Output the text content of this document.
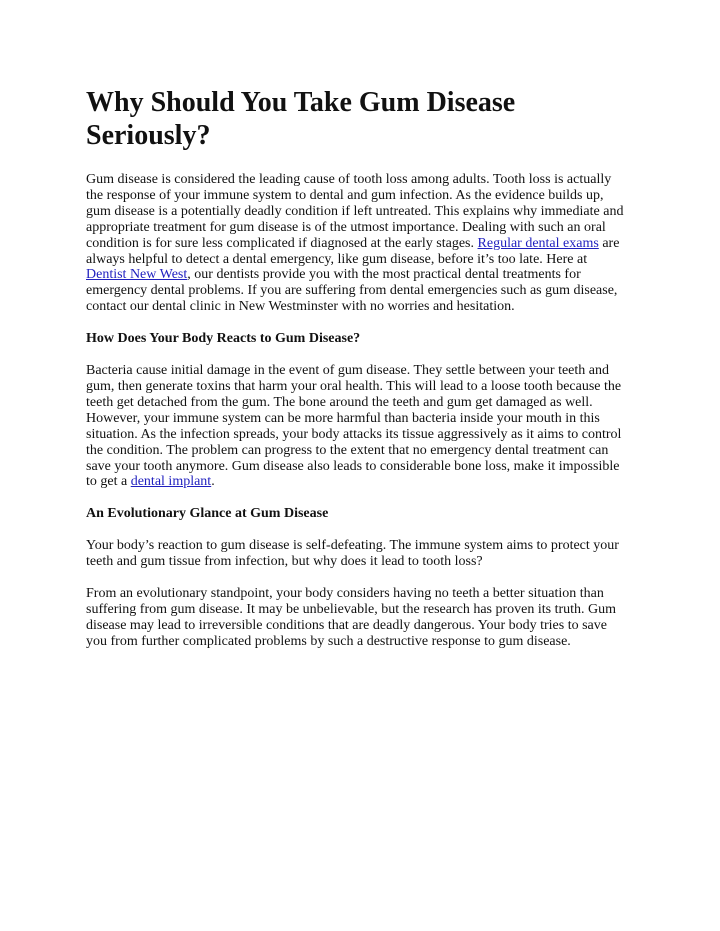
Why Should You Take Gum Disease Seriously?

Gum disease is considered the leading cause of tooth loss among adults. Tooth loss is actually the response of your immune system to dental and gum infection. As the evidence builds up, gum disease is a potentially deadly condition if left untreated. This explains why immediate and appropriate treatment for gum disease is of the utmost importance. Dealing with such an oral condition is for sure less complicated if diagnosed at the early stages. Regular dental exams are always helpful to detect a dental emergency, like gum disease, before it’s too late. Here at Dentist New West, our dentists provide you with the most practical dental treatments for emergency dental problems. If you are suffering from dental emergencies such as gum disease, contact our dental clinic in New Westminster with no worries and hesitation.

How Does Your Body Reacts to Gum Disease?

Bacteria cause initial damage in the event of gum disease. They settle between your teeth and gum, then generate toxins that harm your oral health. This will lead to a loose tooth because the teeth get detached from the gum. The bone around the teeth and gum get damaged as well. However, your immune system can be more harmful than bacteria inside your mouth in this situation. As the infection spreads, your body attacks its tissue aggressively as it aims to control the condition. The problem can progress to the extent that no emergency dental treatment can save your tooth anymore. Gum disease also leads to considerable bone loss, make it impossible to get a dental implant.

An Evolutionary Glance at Gum Disease

Your body’s reaction to gum disease is self-defeating. The immune system aims to protect your teeth and gum tissue from infection, but why does it lead to tooth loss?

From an evolutionary standpoint, your body considers having no teeth a better situation than suffering from gum disease. It may be unbelievable, but the research has proven its truth. Gum disease may lead to irreversible conditions that are deadly dangerous. Your body tries to save you from further complicated problems by such a destructive response to gum disease.
